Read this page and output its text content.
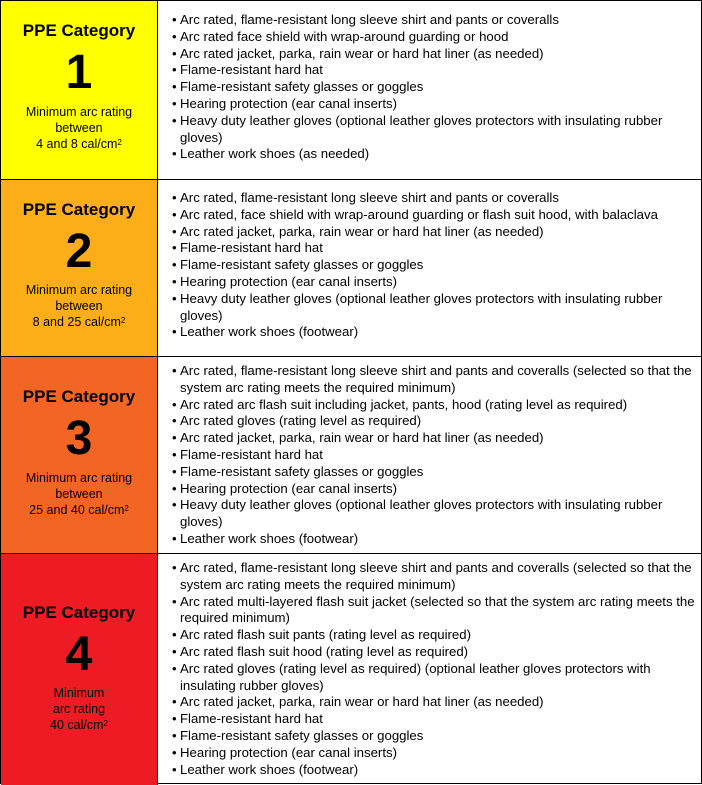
PPE Category
1
Minimum arc rating
between
4 and 8 cal/$cm^2$
• Arc rated, flame-resistant long sleeve shirt and pants or coveralls
• Arc rated face shield with wrap-around guarding or hood
• Arc rated jacket, parka, rain wear or hard hat liner (as needed)
• Flame-resistant hard hat
• Flame-resistant safety glasses or goggles
• Hearing protection (ear canal inserts)
• Heavy duty leather gloves (optional leather gloves protectors with insulating rubber gloves)
• Leather work shoes (as needed)
PPE Category
2
Minimum arc rating
between
8 and 25 cal/$cm^2$
• Arc rated, flame-resistant long sleeve shirt and pants or coveralls
• Arc rated, face shield with wrap-around guarding or flash suit hood, with balaclava
• Arc rated jacket, parka, rain wear or hard hat liner (as needed)
• Flame-resistant hard hat
• Flame-resistant safety glasses or goggles
• Hearing protection (ear canal inserts)
• Heavy duty leather gloves (optional leather gloves protectors with insulating rubber gloves)
• Leather work shoes (footwear)
PPE Category
3
Minimum arc rating
between
25 and 40 cal/$cm^2$
• Arc rated, flame-resistant long sleeve shirt and pants and coveralls (selected so that the system arc rating meets the required minimum)
• Arc rated arc flash suit including jacket, pants, hood (rating level as required)
• Arc rated gloves (rating level as required)
• Arc rated jacket, parka, rain wear or hard hat liner (as needed)
• Flame-resistant hard hat
• Flame-resistant safety glasses or goggles
• Hearing protection (ear canal inserts)
• Heavy duty leather gloves (optional leather gloves protectors with insulating rubber gloves)
• Leather work shoes (footwear)
PPE Category
4
Minimum
arc rating
40 cal/$cm^2$
• Arc rated, flame-resistant long sleeve shirt and pants and coveralls (selected so that the system arc rating meets the required minimum)
• Arc rated multi-layered flash suit jacket (selected so that the system arc rating meets the required minimum)
• Arc rated flash suit pants (rating level as required)
• Arc rated flash suit hood (rating level as required)
• Arc rated gloves (rating level as required) (optional leather gloves protectors with insulating rubber gloves)
• Arc rated jacket, parka, rain wear or hard hat liner (as needed)
• Flame-resistant hard hat
• Flame-resistant safety glasses or goggles
• Hearing protection (ear canal inserts)
• Leather work shoes (footwear)
